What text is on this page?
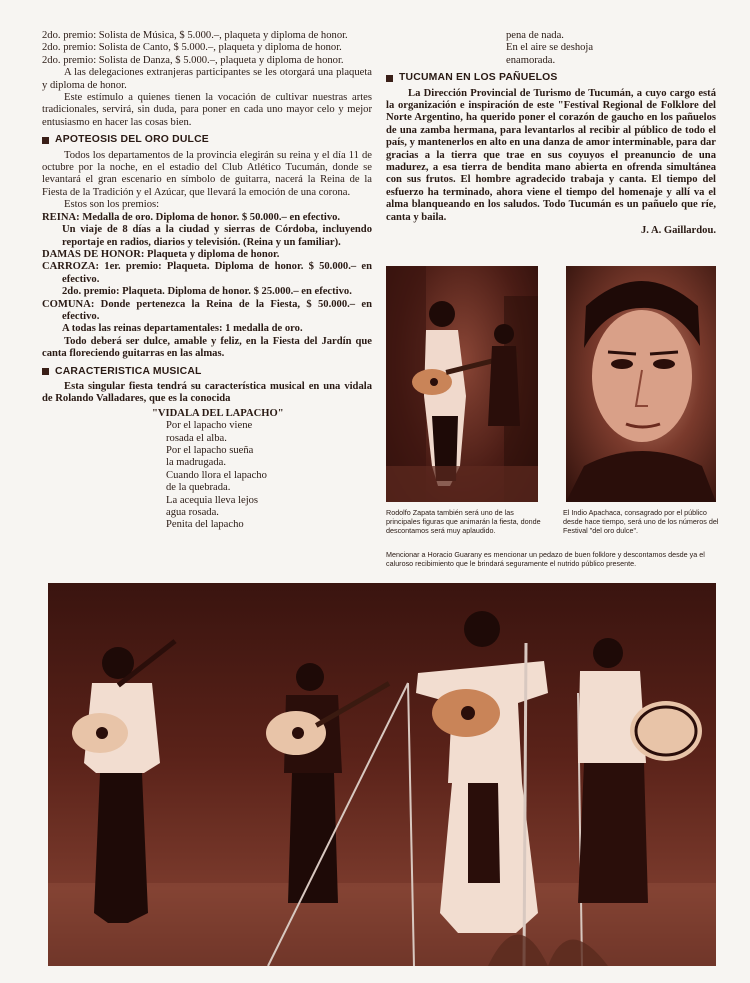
2do. premio: Solista de Música, $ 5.000.–, plaqueta y diploma de honor.

2do. premio: Solista de Canto, $ 5.000.–, plaqueta y diploma de honor.

2do. premio: Solista de Danza, $ 5.000.–, plaqueta y diploma de honor.

A las delegaciones extranjeras participantes se les otorgará una plaqueta y diploma de honor.

Este estímulo a quienes tienen la vocación de cultivar nuestras artes tradicionales, servirá, sin duda, para poner en cada uno mayor celo y mejor entusiasmo en hacer las cosas bien.

APOTEOSIS DEL ORO DULCE

Todos los departamentos de la provincia elegirán su reina y el día 11 de octubre por la noche, en el estadio del Club Atlético Tucumán, donde se levantará el gran escenario en símbolo de guitarra, nacerá la Reina de la Fiesta de la Tradición y el Azúcar, que llevará la emoción de una corona.

Estos son los premios:

REINA: Medalla de oro. Diploma de honor. $ 50.000.– en efectivo.

Un viaje de 8 días a la ciudad y sierras de Córdoba, incluyendo reportaje en radios, diarios y televisión. (Reina y un familiar).

DAMAS DE HONOR: Plaqueta y diploma de honor.

CARROZA: 1er. premio: Plaqueta. Diploma de honor. $ 50.000.– en efectivo.

2do. premio: Plaqueta. Diploma de honor. $ 25.000.– en efectivo.

COMUNA: Donde pertenezca la Reina de la Fiesta, $ 50.000.– en efectivo.

A todas las reinas departamentales: 1 medalla de oro.

Todo deberá ser dulce, amable y feliz, en la Fiesta del Jardín que canta floreciendo guitarras en las almas.

CARACTERISTICA MUSICAL

Esta singular fiesta tendrá su característica musical en una vidala de Rolando Valladares, que es la conocida

"VIDALA DEL LAPACHO"
Por el lapacho viene
rosada el alba.
Por el lapacho sueña
la madrugada.
Cuando llora el lapacho
de la quebrada.
La acequia lleva lejos
agua rosada.
Penita del lapacho
pena de nada.
En el aire se deshoja
enamorada.
TUCUMAN EN LOS PAÑUELOS

La Dirección Provincial de Turismo de Tucumán, a cuyo cargo está la organización e inspiración de este "Festival Regional de Folklore del Norte Argentino, ha querido poner el corazón de gaucho en los pañuelos de una zamba hermana, para levantarlos al recibir al público de todo el país, y mantenerlos en alto en una danza de amor interminable, para dar gracias a la tierra que trae en sus coyuyos el preanuncio de una madurez, a esa tierra de bendita mano abierta en ofrenda simultánea con sus frutos. El hombre agradecido trabaja y canta. El tiempo del esfuerzo ha terminado, ahora viene el tiempo del homenaje y allí va el alma blanqueando en los saludos. Todo Tucumán es un pañuelo que ríe, canta y baila.

J. A. Gaillardou.
Rodolfo Zapata también será uno de las principales figuras que animarán la fiesta, donde descontamos será muy aplaudido.
El Indio Apachaca, consagrado por el público desde hace tiempo, será uno de los números del Festival "del oro dulce".
Mencionar a Horacio Guarany es mencionar un pedazo de buen folklore y descontamos desde ya el caluroso recibimiento que le brindará seguramente el nutrido público presente.
